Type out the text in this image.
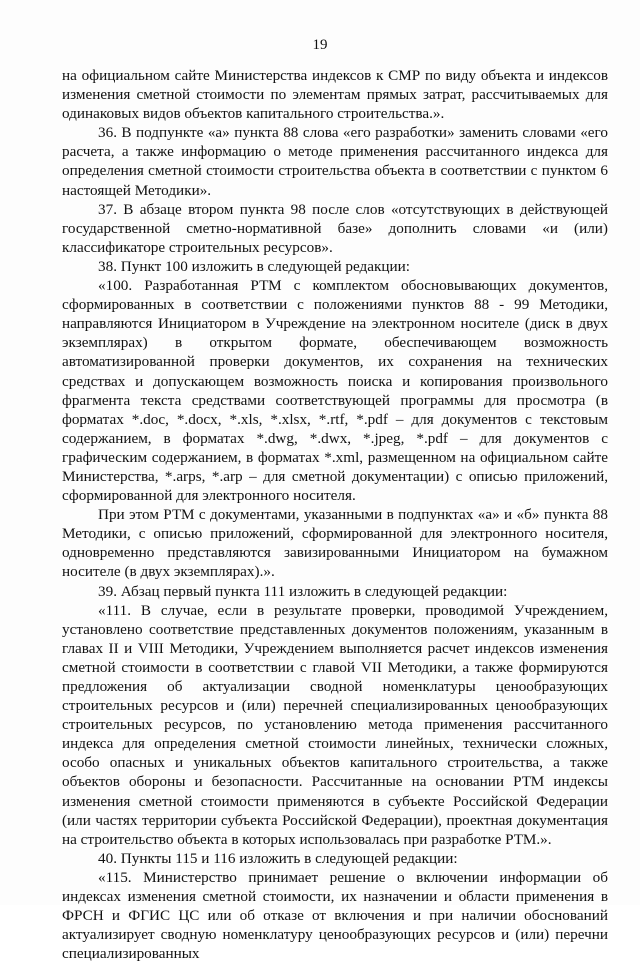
19

на официальном сайте Министерства индексов к СМР по виду объекта и индексов изменения сметной стоимости по элементам прямых затрат, рассчитываемых для одинаковых видов объектов капитального строительства.».

36. В подпункте «а» пункта 88 слова «его разработки» заменить словами «его расчета, а также информацию о методе применения рассчитанного индекса для определения сметной стоимости строительства объекта в соответствии с пунктом 6 настоящей Методики».

37. В абзаце втором пункта 98 после слов «отсутствующих в действующей государственной сметно-нормативной базе» дополнить словами «и (или) классификаторе строительных ресурсов».

38. Пункт 100 изложить в следующей редакции:

«100. Разработанная РТМ с комплектом обосновывающих документов, сформированных в соответствии с положениями пунктов 88 - 99 Методики, направляются Инициатором в Учреждение на электронном носителе (диск в двух экземплярах) в открытом формате, обеспечивающем возможность автоматизированной проверки документов, их сохранения на технических средствах и допускающем возможность поиска и копирования произвольного фрагмента текста средствами соответствующей программы для просмотра (в форматах *.doc, *.docx, *.xls, *.xlsx, *.rtf, *.pdf – для документов с текстовым содержанием, в форматах *.dwg, *.dwx, *.jpeg, *.pdf – для документов с графическим содержанием, в форматах *.xml, размещенном на официальном сайте Министерства, *.arps, *.arp – для сметной документации) с описью приложений, сформированной для электронного носителя.

При этом РТМ с документами, указанными в подпунктах «а» и «б» пункта 88 Методики, с описью приложений, сформированной для электронного носителя, одновременно представляются завизированными Инициатором на бумажном носителе (в двух экземплярах).».

39. Абзац первый пункта 111 изложить в следующей редакции:

«111. В случае, если в результате проверки, проводимой Учреждением, установлено соответствие представленных документов положениям, указанным в главах II и VIII Методики, Учреждением выполняется расчет индексов изменения сметной стоимости в соответствии с главой VII Методики, а также формируются предложения об актуализации сводной номенклатуры ценообразующих строительных ресурсов и (или) перечней специализированных ценообразующих строительных ресурсов, по установлению метода применения рассчитанного индекса для определения сметной стоимости линейных, технически сложных, особо опасных и уникальных объектов капитального строительства, а также объектов обороны и безопасности. Рассчитанные на основании РТМ индексы изменения сметной стоимости применяются в субъекте Российской Федерации (или частях территории субъекта Российской Федерации), проектная документация на строительство объекта в которых использовалась при разработке РТМ.».

40. Пункты 115 и 116 изложить в следующей редакции:

«115. Министерство принимает решение о включении информации об индексах изменения сметной стоимости, их назначении и области применения в ФРСН и ФГИС ЦС или об отказе от включения и при наличии обоснований актуализирует сводную номенклатуру ценообразующих ресурсов и (или) перечни специализированных
